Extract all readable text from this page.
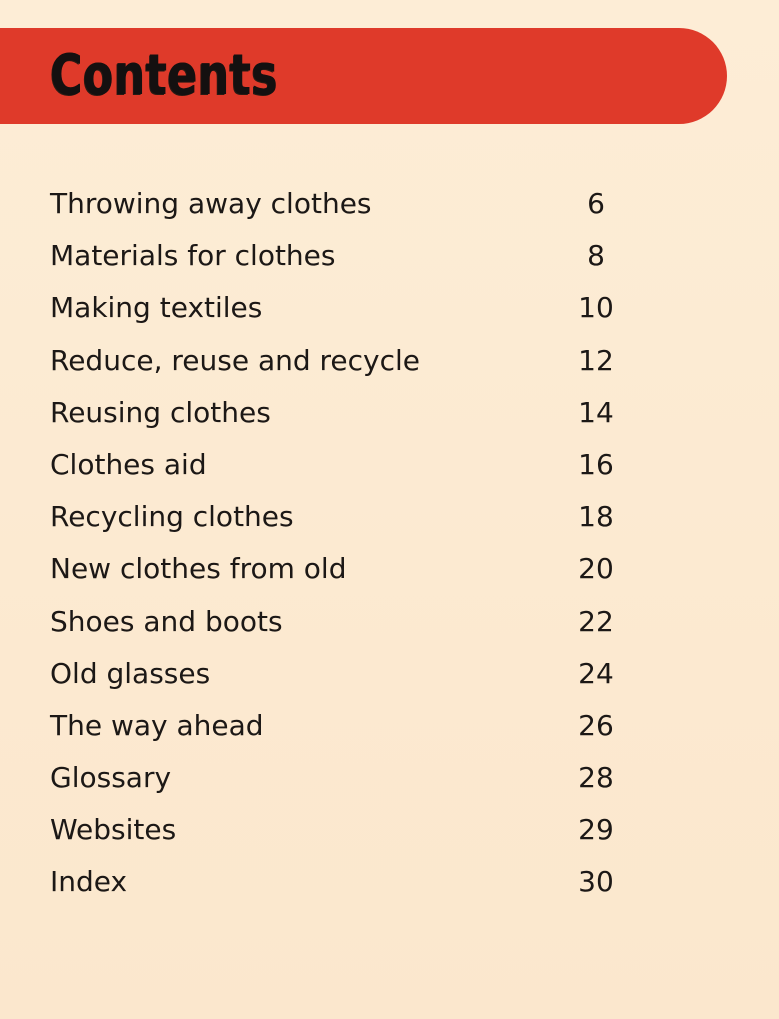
Contents
Throwing away clothes	6
Materials for clothes	8
Making textiles	10
Reduce, reuse and recycle	12
Reusing clothes	14
Clothes aid	16
Recycling clothes	18
New clothes from old	20
Shoes and boots	22
Old glasses	24
The way ahead	26
Glossary	28
Websites	29
Index	30
